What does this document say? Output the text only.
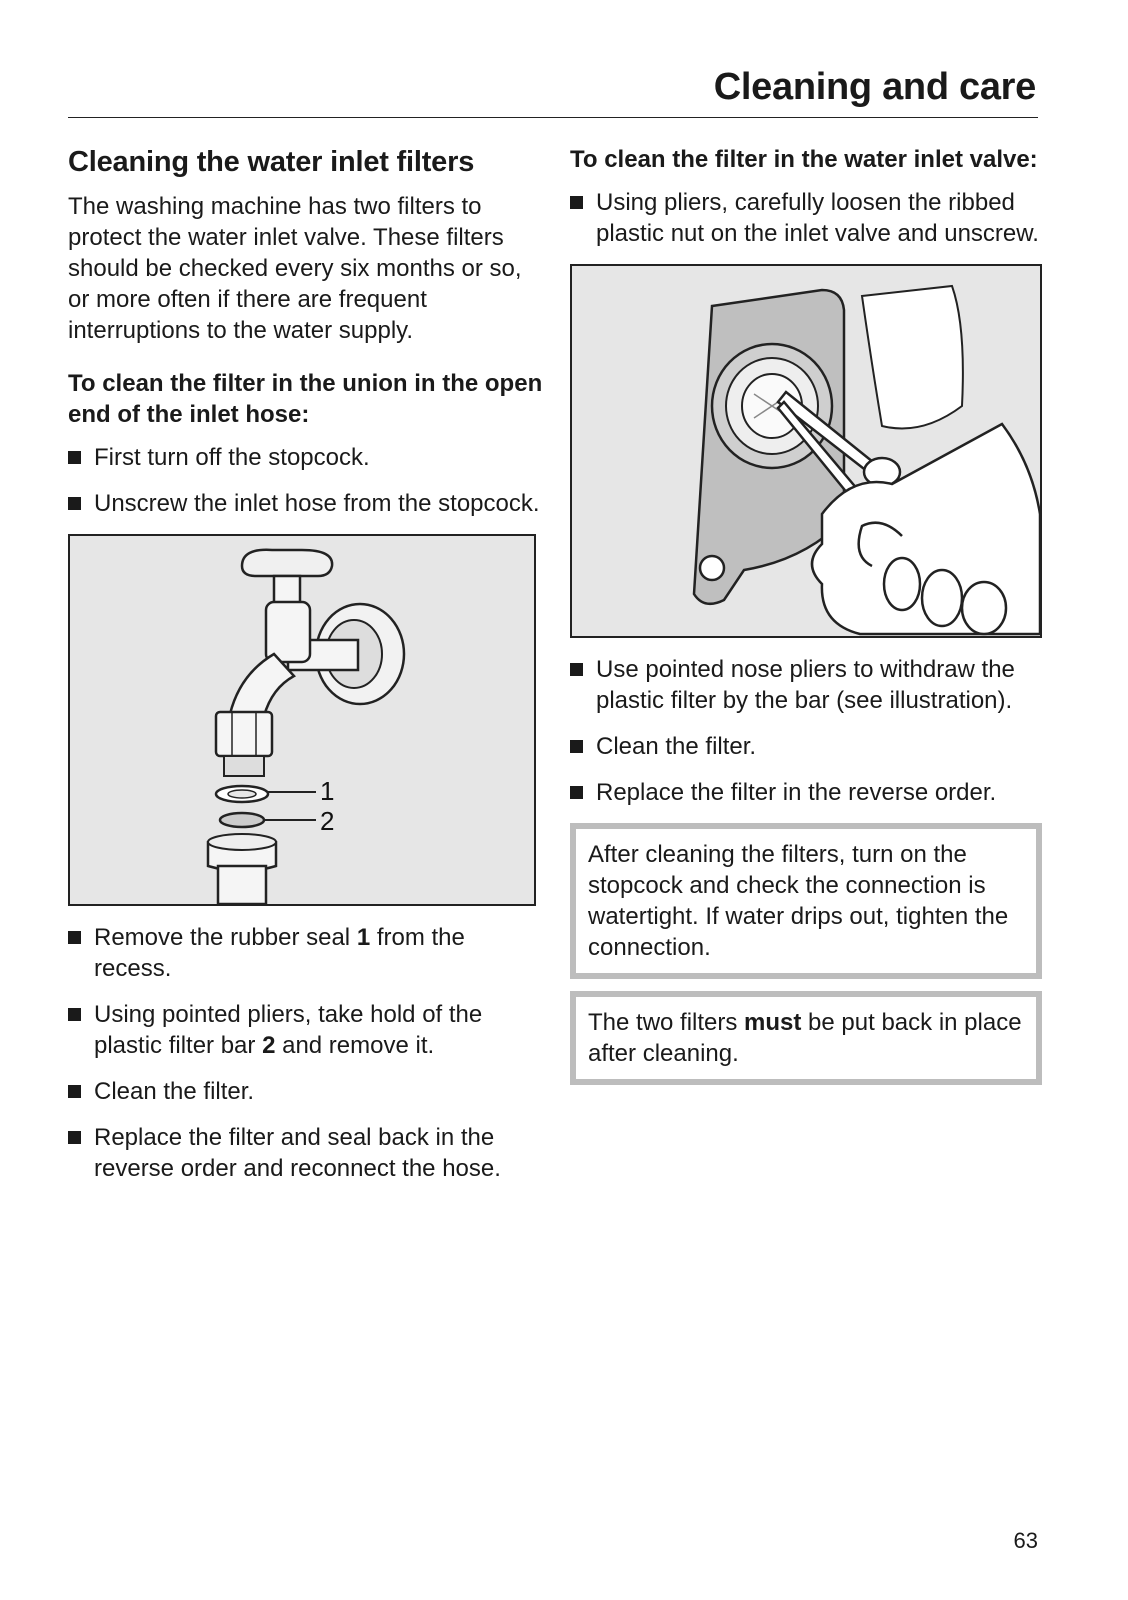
Cleaning and care
Cleaning the water inlet filters

The washing machine has two filters to protect the water inlet valve. These filters should be checked every six months or so, or more often if there are frequent interruptions to the water supply.

To clean the filter in the union in the open end of the inlet hose:
First turn off the stopcock.
Unscrew the inlet hose from the stopcock.
1
2
Remove the rubber seal 1 from the recess.
Using pointed pliers, take hold of the plastic filter bar 2 and remove it.
Clean the filter.
Replace the filter and seal back in the reverse order and reconnect the hose.
To clean the filter in the water inlet valve:
Using pliers, carefully loosen the ribbed plastic nut on the inlet valve and unscrew.
Use pointed nose pliers to withdraw the plastic filter by the bar (see illustration).
Clean the filter.
Replace the filter in the reverse order.
After cleaning the filters, turn on the stopcock and check the connection is watertight. If water drips out, tighten the connection.
The two filters must be put back in place after cleaning.
63
